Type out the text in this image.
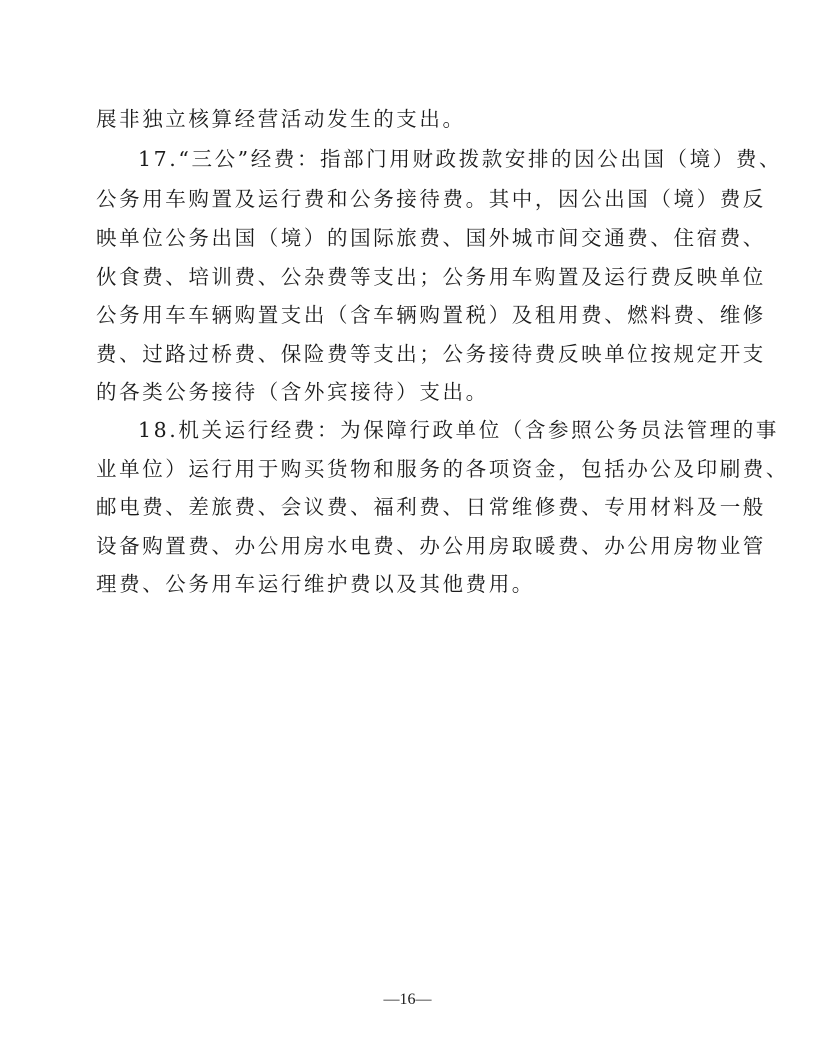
展非独立核算经营活动发生的支出。
17.“三公”经费：指部门用财政拨款安排的因公出国（境）费、
公务用车购置及运行费和公务接待费。其中，因公出国（境）费反
映单位公务出国（境）的国际旅费、国外城市间交通费、住宿费、
伙食费、培训费、公杂费等支出；公务用车购置及运行费反映单位
公务用车车辆购置支出（含车辆购置税）及租用费、燃料费、维修
费、过路过桥费、保险费等支出；公务接待费反映单位按规定开支
的各类公务接待（含外宾接待）支出。
18.机关运行经费：为保障行政单位（含参照公务员法管理的事
业单位）运行用于购买货物和服务的各项资金，包括办公及印刷费、
邮电费、差旅费、会议费、福利费、日常维修费、专用材料及一般
设备购置费、办公用房水电费、办公用房取暖费、办公用房物业管
理费、公务用车运行维护费以及其他费用。
—16—
